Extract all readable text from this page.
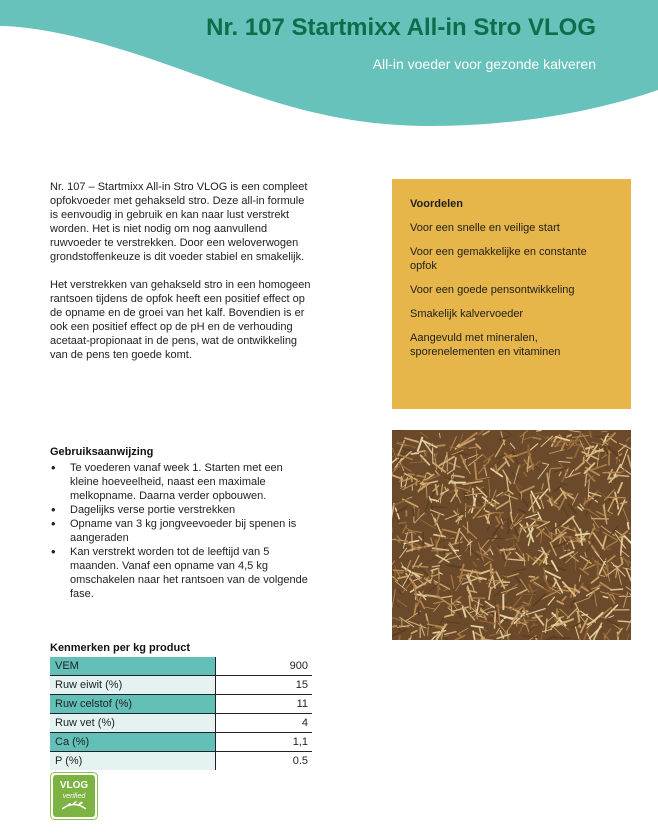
Nr. 107 Startmixx All-in Stro VLOG
All-in voeder voor gezonde kalveren

Nr. 107 – Startmixx All-in Stro VLOG is een compleet opfokvoeder met gehakseld stro. Deze all-in formule is eenvoudig in gebruik en kan naar lust verstrekt worden. Het is niet nodig om nog aanvullend ruwvoeder te verstrekken. Door een weloverwogen grondstoffenkeuze is dit voeder stabiel en smakelijk.

Het verstrekken van gehakseld stro in een homogeen rantsoen tijdens de opfok heeft een positief effect op de opname en de groei van het kalf. Bovendien is er ook een positief effect op de pH en de verhouding acetaat-propionaat in de pens, wat de ontwikkeling van de pens ten goede komt.

Gebruiksaanwijzing
• Te voederen vanaf week 1. Starten met een kleine hoeveelheid, naast een maximale melkopname. Daarna verder opbouwen.
• Dagelijks verse portie verstrekken
• Opname van 3 kg jongveevoeder bij spenen is aangeraden
• Kan verstrekt worden tot de leeftijd van 5 maanden. Vanaf een opname van 4,5 kg omschakelen naar het rantsoen van de volgende fase.
Kenmerken per kg product
VEM	900
Ruw eiwit (%)	15
Ruw celstof (%)	11
Ruw vet (%)	4
Ca (%)	1,1
P (%)	0.5
VLOG
verified
Voordelen
Voor een snelle en veilige start
Voor een gemakkelijke en constante opfok
Voor een goede pensontwikkeling
Smakelijk kalvervoeder
Aangevuld met mineralen, sporenelementen en vitaminen
